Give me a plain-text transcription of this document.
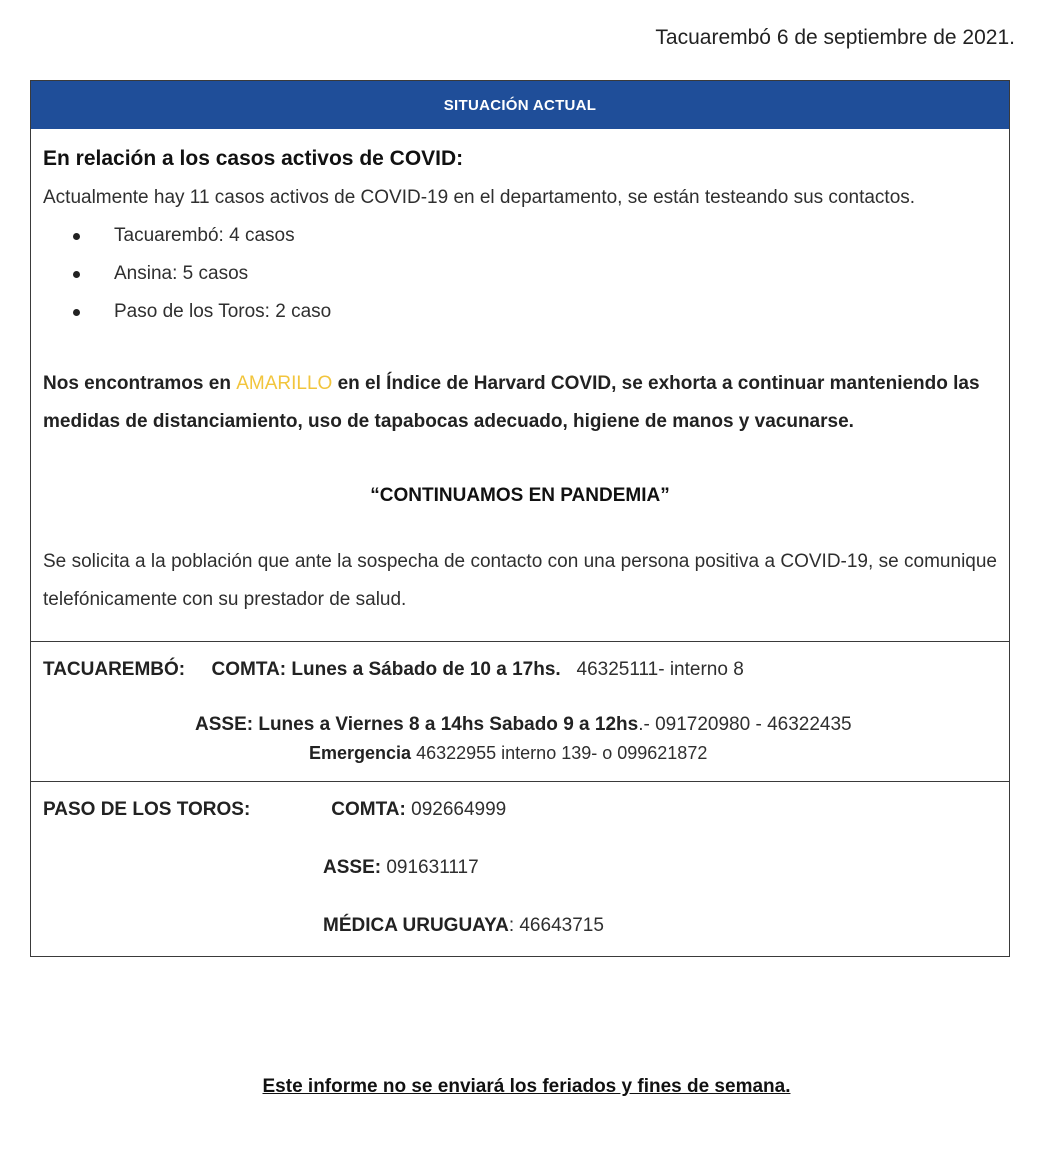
Tacuarembó 6 de septiembre de 2021.
SITUACIÓN ACTUAL
En relación a los casos activos de COVID:

Actualmente hay 11 casos activos de COVID-19 en el departamento, se están testeando sus contactos.

Tacuarembó: 4 casos
Ansina: 5 casos
Paso de los Toros: 2 caso

Nos encontramos en AMARILLO en el Índice de Harvard COVID, se exhorta a continuar manteniendo las medidas de distanciamiento, uso de tapabocas adecuado, higiene de manos y vacunarse.

“CONTINUAMOS EN PANDEMIA”

Se solicita a la población que ante la sospecha de contacto con una persona positiva a COVID-19, se comunique telefónicamente con su prestador de salud.

TACUAREMBÓ: COMTA: Lunes a Sábado de 10 a 17hs. 46325111- interno 8
ASSE: Lunes a Viernes 8 a 14hs Sabado 9 a 12hs.- 091720980 - 46322435
Emergencia 46322955 interno 139- o 099621872
PASO DE LOS TOROS:	COMTA: 092664999
ASSE: 091631117
MÉDICA URUGUAYA: 46643715
Este informe no se enviará los feriados y fines de semana.
